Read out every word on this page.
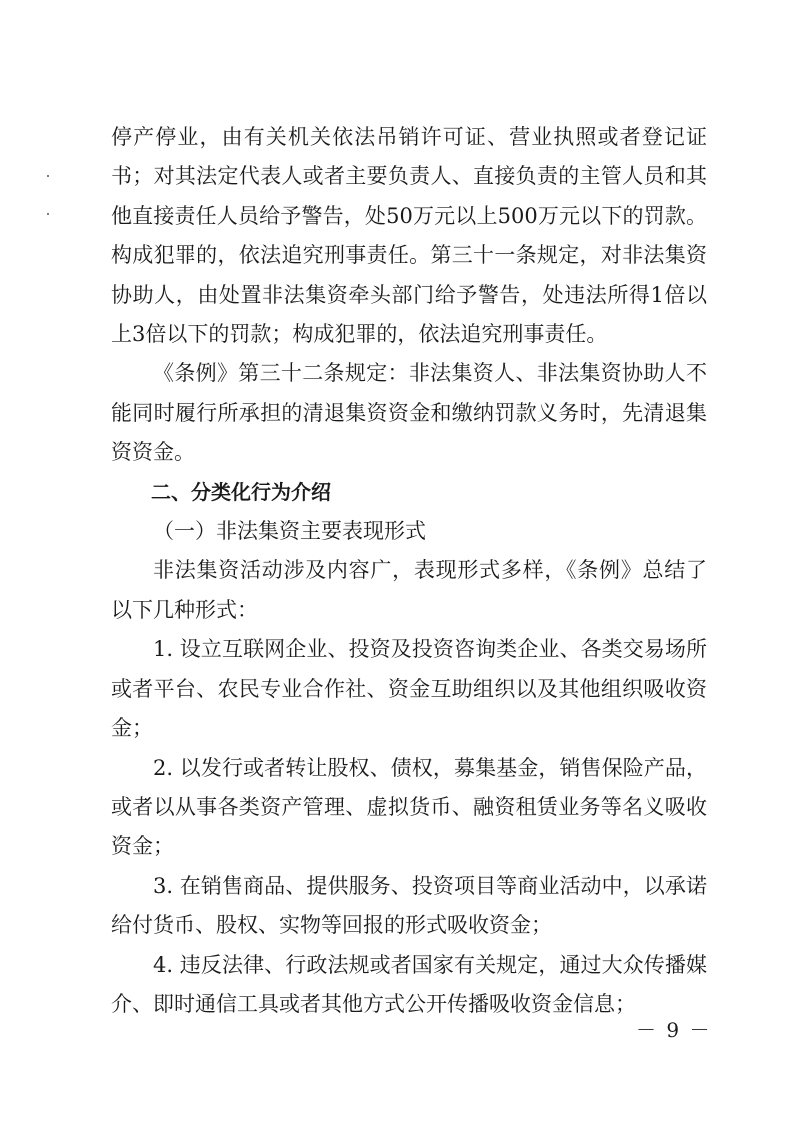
停产停业，由有关机关依法吊销许可证、营业执照或者登记证书；对其法定代表人或者主要负责人、直接负责的主管人员和其他直接责任人员给予警告，处50万元以上500万元以下的罚款。构成犯罪的，依法追究刑事责任。第三十一条规定，对非法集资协助人，由处置非法集资牵头部门给予警告，处违法所得1倍以上3倍以下的罚款；构成犯罪的，依法追究刑事责任。

《条例》第三十二条规定：非法集资人、非法集资协助人不能同时履行所承担的清退集资资金和缴纳罚款义务时，先清退集资资金。

二、分类化行为介绍

（一）非法集资主要表现形式

非法集资活动涉及内容广，表现形式多样，《条例》总结了以下几种形式：

1. 设立互联网企业、投资及投资咨询类企业、各类交易场所或者平台、农民专业合作社、资金互助组织以及其他组织吸收资金；

2. 以发行或者转让股权、债权，募集基金，销售保险产品，或者以从事各类资产管理、虚拟货币、融资租赁业务等名义吸收资金；

3. 在销售商品、提供服务、投资项目等商业活动中，以承诺给付货币、股权、实物等回报的形式吸收资金；

4. 违反法律、行政法规或者国家有关规定，通过大众传播媒介、即时通信工具或者其他方式公开传播吸收资金信息；

－ 9 －
